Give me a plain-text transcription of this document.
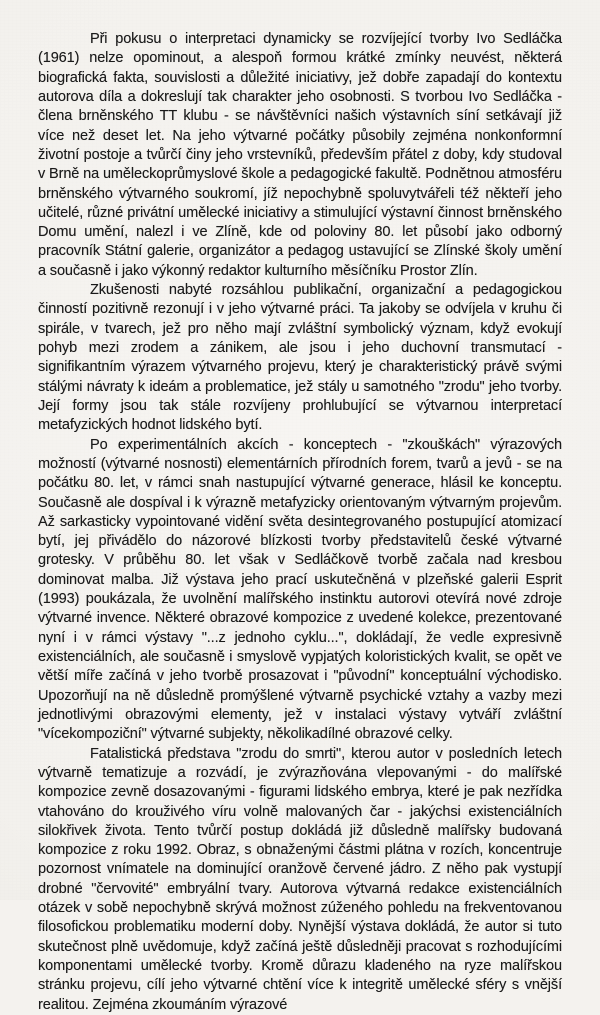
Při pokusu o interpretaci dynamicky se rozvíjející tvorby Ivo Sedláčka (1961) nelze opominout, a alespoň formou krátké zmínky neuvést, některá biografická fakta, souvislosti a důležité iniciativy, jež dobře zapadají do kontextu autorova díla a dokreslují tak charakter jeho osobnosti. S tvorbou Ivo Sedláčka - člena brněnského TT klubu - se návštěvníci našich výstavních síní setkávají již více než deset let. Na jeho výtvarné počátky působily zejména nonkonformní životní postoje a tvůrčí činy jeho vrstevníků, především přátel z doby, kdy studoval v Brně na uměleckoprůmyslové škole a pedagogické fakultě. Podnětnou atmosféru brněnského výtvarného soukromí, jíž nepochybně spoluvytvářeli též někteří jeho učitelé, různé privátní umělecké iniciativy a stimulující výstavní činnost brněnského Domu umění, nalezl i ve Zlíně, kde od poloviny 80. let působí jako odborný pracovník Státní galerie, organizátor a pedagog ustavující se Zlínské školy umění a současně i jako výkonný redaktor kulturního měsíčníku Prostor Zlín.

Zkušenosti nabyté rozsáhlou publikační, organizační a pedagogickou činností pozitivně rezonují i v jeho výtvarné práci. Ta jakoby se odvíjela v kruhu či spirále, v tvarech, jež pro něho mají zvláštní symbolický význam, když evokují pohyb mezi zrodem a zánikem, ale jsou i jeho duchovní transmutací - signifikantním výrazem výtvarného projevu, který je charakteristický právě svými stálými návraty k ideám a problematice, jež stály u samotného "zrodu" jeho tvorby. Její formy jsou tak stále rozvíjeny prohlubující se výtvarnou interpretací metafyzických hodnot lidského bytí.

Po experimentálních akcích - konceptech - "zkouškách" výrazových možností (výtvarné nosnosti) elementárních přírodních forem, tvarů a jevů - se na počátku 80. let, v rámci snah nastupující výtvarné generace, hlásil ke konceptu. Současně ale dospíval i k výrazně metafyzicky orientovaným výtvarným projevům. Až sarkasticky vypointované vidění světa desintegrovaného postupující atomizací bytí, jej přivádělo do názorové blízkosti tvorby představitelů české výtvarné grotesky. V průběhu 80. let však v Sedláčkově tvorbě začala nad kresbou dominovat malba. Již výstava jeho prací uskutečněná v plzeňské galerii Esprit (1993) poukázala, že uvolnění malířského instinktu autorovi otevírá nové zdroje výtvarné invence. Některé obrazové kompozice z uvedené kolekce, prezentované nyní i v rámci výstavy "...z jednoho cyklu...", dokládají, že vedle expresivně existenciálních, ale současně i smyslově vypjatých koloristických kvalit, se opět ve větší míře začíná v jeho tvorbě prosazovat i "původní" konceptuální východisko. Upozorňují na ně důsledně promýšlené výtvarně psychické vztahy a vazby mezi jednotlivými obrazovými elementy, jež v instalaci výstavy vytváří zvláštní "vícekompoziční" výtvarné subjekty, několikadílné obrazové celky.

Fatalistická představa "zrodu do smrti", kterou autor v posledních letech výtvarně tematizuje a rozvádí, je zvýrazňována vlepovanými - do malířské kompozice zevně dosazovanými - figurami lidského embrya, které je pak nezřídka vtahováno do krouživého víru volně malovaných čar - jakýchsi existenciálních silokřivek života. Tento tvůrčí postup dokládá již důsledně malířsky budovaná kompozice z roku 1992. Obraz, s obnaženými částmi plátna v rozích, koncentruje pozornost vnímatele na dominující oranžově červené jádro. Z něho pak vystupjí drobné "červovité" embryální tvary. Autorova výtvarná redakce existenciálních otázek v sobě nepochybně skrývá možnost zúženého pohledu na frekventovanou filosofickou problematiku moderní doby. Nynější výstava dokládá, že autor si tuto skutečnost plně uvědomuje, když začíná ještě důsledněji pracovat s rozhodujícími komponentami umělecké tvorby. Kromě důrazu kladeného na ryze malířskou stránku projevu, cílí jeho výtvarné chtění více k integritě umělecké sféry s vnější realitou. Zejména zkoumáním výrazové
